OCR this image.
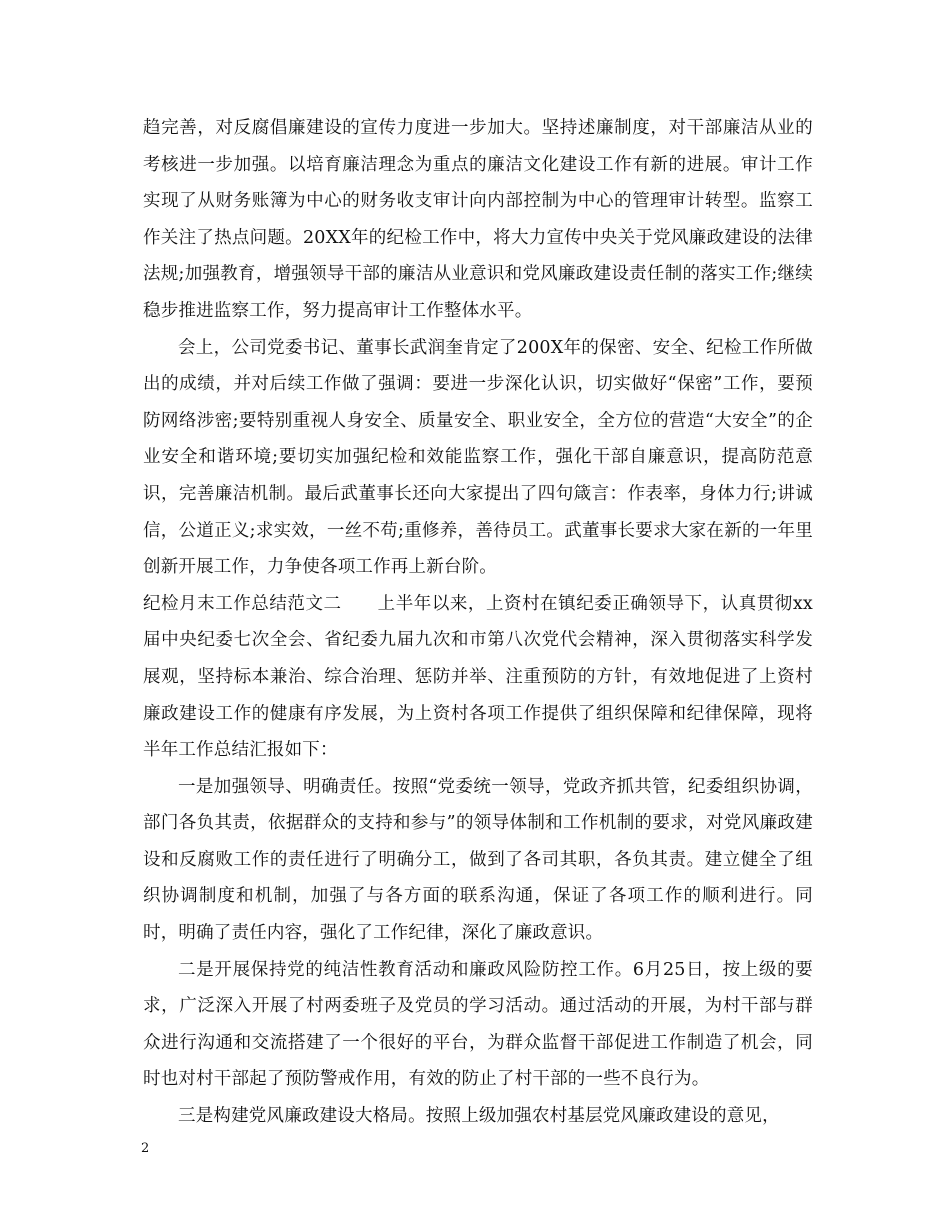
趋完善，对反腐倡廉建设的宣传力度进一步加大。坚持述廉制度，对干部廉洁从业的考核进一步加强。以培育廉洁理念为重点的廉洁文化建设工作有新的进展。审计工作实现了从财务账簿为中心的财务收支审计向内部控制为中心的管理审计转型。监察工作关注了热点问题。20XX年的纪检工作中，将大力宣传中央关于党风廉政建设的法律法规;加强教育，增强领导干部的廉洁从业意识和党风廉政建设责任制的落实工作;继续稳步推进监察工作，努力提高审计工作整体水平。

会上，公司党委书记、董事长武润奎肯定了200X年的保密、安全、纪检工作所做出的成绩，并对后续工作做了强调：要进一步深化认识，切实做好“保密”工作，要预防网络涉密;要特别重视人身安全、质量安全、职业安全，全方位的营造“大安全”的企业安全和谐环境;要切实加强纪检和效能监察工作，强化干部自廉意识，提高防范意识，完善廉洁机制。最后武董事长还向大家提出了四句箴言：作表率，身体力行;讲诚信，公道正义;求实效，一丝不苟;重修养，善待员工。武董事长要求大家在新的一年里创新开展工作，力争使各项工作再上新台阶。

纪检月末工作总结范文二　　上半年以来，上资村在镇纪委正确领导下，认真贯彻xx届中央纪委七次全会、省纪委九届九次和市第八次党代会精神，深入贯彻落实科学发展观，坚持标本兼治、综合治理、惩防并举、注重预防的方针，有效地促进了上资村廉政建设工作的健康有序发展，为上资村各项工作提供了组织保障和纪律保障，现将半年工作总结汇报如下：

一是加强领导、明确责任。按照“党委统一领导，党政齐抓共管，纪委组织协调，部门各负其责，依据群众的支持和参与”的领导体制和工作机制的要求，对党风廉政建设和反腐败工作的责任进行了明确分工，做到了各司其职，各负其责。建立健全了组织协调制度和机制，加强了与各方面的联系沟通，保证了各项工作的顺利进行。同时，明确了责任内容，强化了工作纪律，深化了廉政意识。

二是开展保持党的纯洁性教育活动和廉政风险防控工作。6月25日，按上级的要求，广泛深入开展了村两委班子及党员的学习活动。通过活动的开展，为村干部与群众进行沟通和交流搭建了一个很好的平台，为群众监督干部促进工作制造了机会，同时也对村干部起了预防警戒作用，有效的防止了村干部的一些不良行为。

三是构建党风廉政建设大格局。按照上级加强农村基层党风廉政建设的意见，

2
